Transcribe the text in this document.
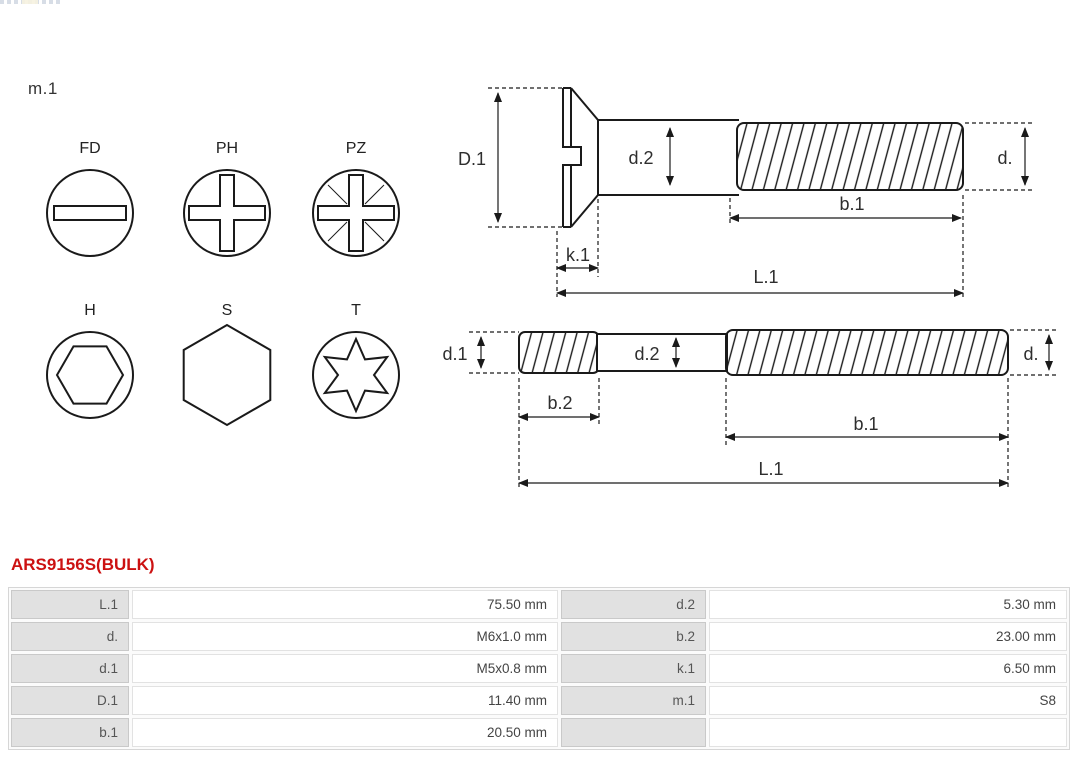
m.1
FD	PH	PZ
H	S	T
D.1	d.2	d.
b.1
k.1
L.1
d.1	d.2	d.
b.2
b.1
L.1
ARS9156S(BULK)
L.1	75.50 mm	d.2	5.30 mm
d.	M6x1.0 mm	b.2	23.00 mm
d.1	M5x0.8 mm	k.1	6.50 mm
D.1	11.40 mm	m.1	S8
b.1	20.50 mm
